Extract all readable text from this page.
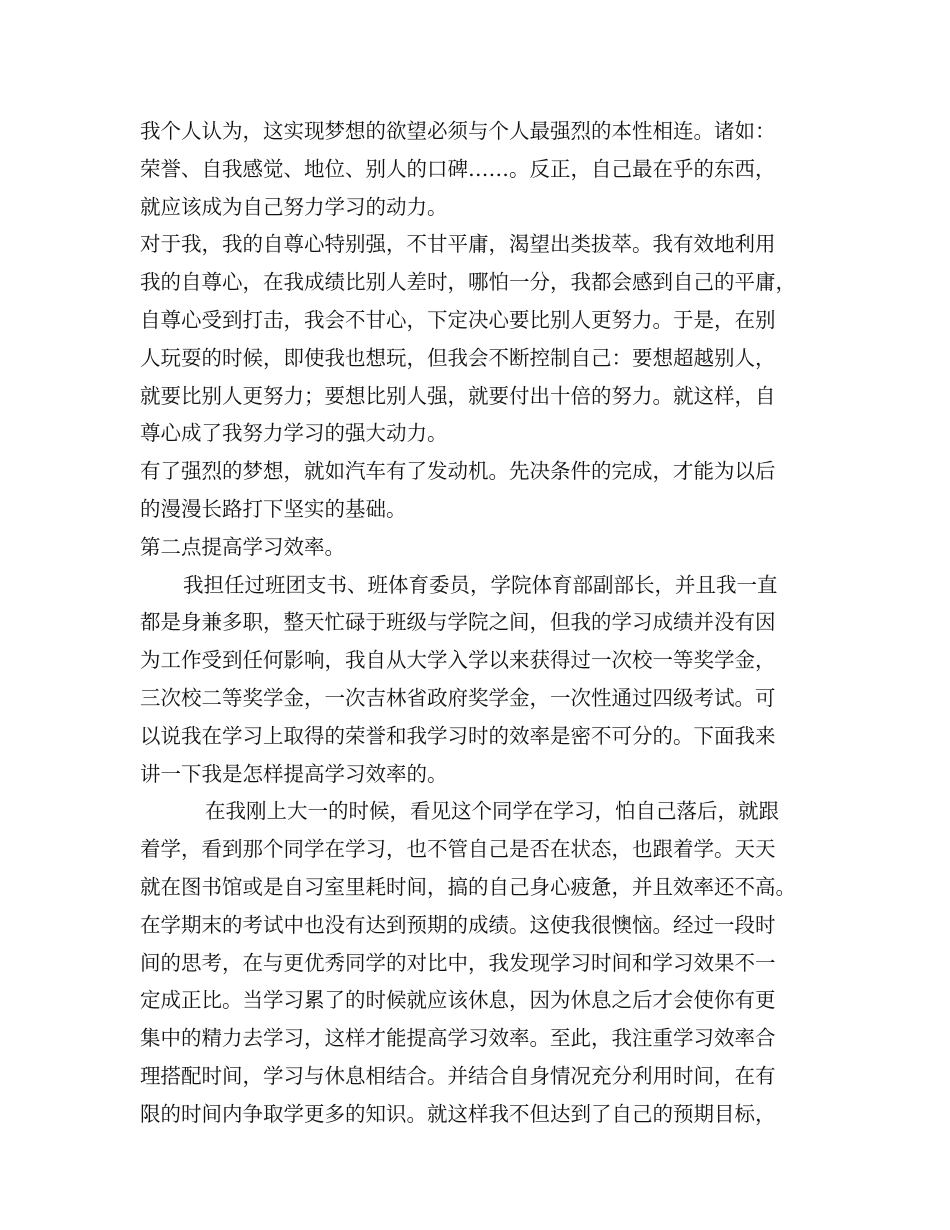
我个人认为，这实现梦想的欲望必须与个人最强烈的本性相连。诸如：
荣誉、自我感觉、地位、别人的口碑……。反正，自己最在乎的东西，
就应该成为自己努力学习的动力。
对于我，我的自尊心特别强，不甘平庸，渴望出类拔萃。我有效地利用
我的自尊心，在我成绩比别人差时，哪怕一分，我都会感到自己的平庸，
自尊心受到打击，我会不甘心，下定决心要比别人更努力。于是，在别
人玩耍的时候，即使我也想玩，但我会不断控制自己：要想超越别人，
就要比别人更努力；要想比别人强，就要付出十倍的努力。就这样，自
尊心成了我努力学习的强大动力。
有了强烈的梦想，就如汽车有了发动机。先决条件的完成，才能为以后
的漫漫长路打下坚实的基础。
第二点提高学习效率。
我担任过班团支书、班体育委员，学院体育部副部长，并且我一直
都是身兼多职，整天忙碌于班级与学院之间，但我的学习成绩并没有因
为工作受到任何影响，我自从大学入学以来获得过一次校一等奖学金，
三次校二等奖学金，一次吉林省政府奖学金，一次性通过四级考试。可
以说我在学习上取得的荣誉和我学习时的效率是密不可分的。下面我来
讲一下我是怎样提高学习效率的。
在我刚上大一的时候，看见这个同学在学习，怕自己落后，就跟
着学，看到那个同学在学习，也不管自己是否在状态，也跟着学。天天
就在图书馆或是自习室里耗时间，搞的自己身心疲惫，并且效率还不高。
在学期末的考试中也没有达到预期的成绩。这使我很懊恼。经过一段时
间的思考，在与更优秀同学的对比中，我发现学习时间和学习效果不一
定成正比。当学习累了的时候就应该休息，因为休息之后才会使你有更
集中的精力去学习，这样才能提高学习效率。至此，我注重学习效率合
理搭配时间，学习与休息相结合。并结合自身情况充分利用时间，在有
限的时间内争取学更多的知识。就这样我不但达到了自己的预期目标，
